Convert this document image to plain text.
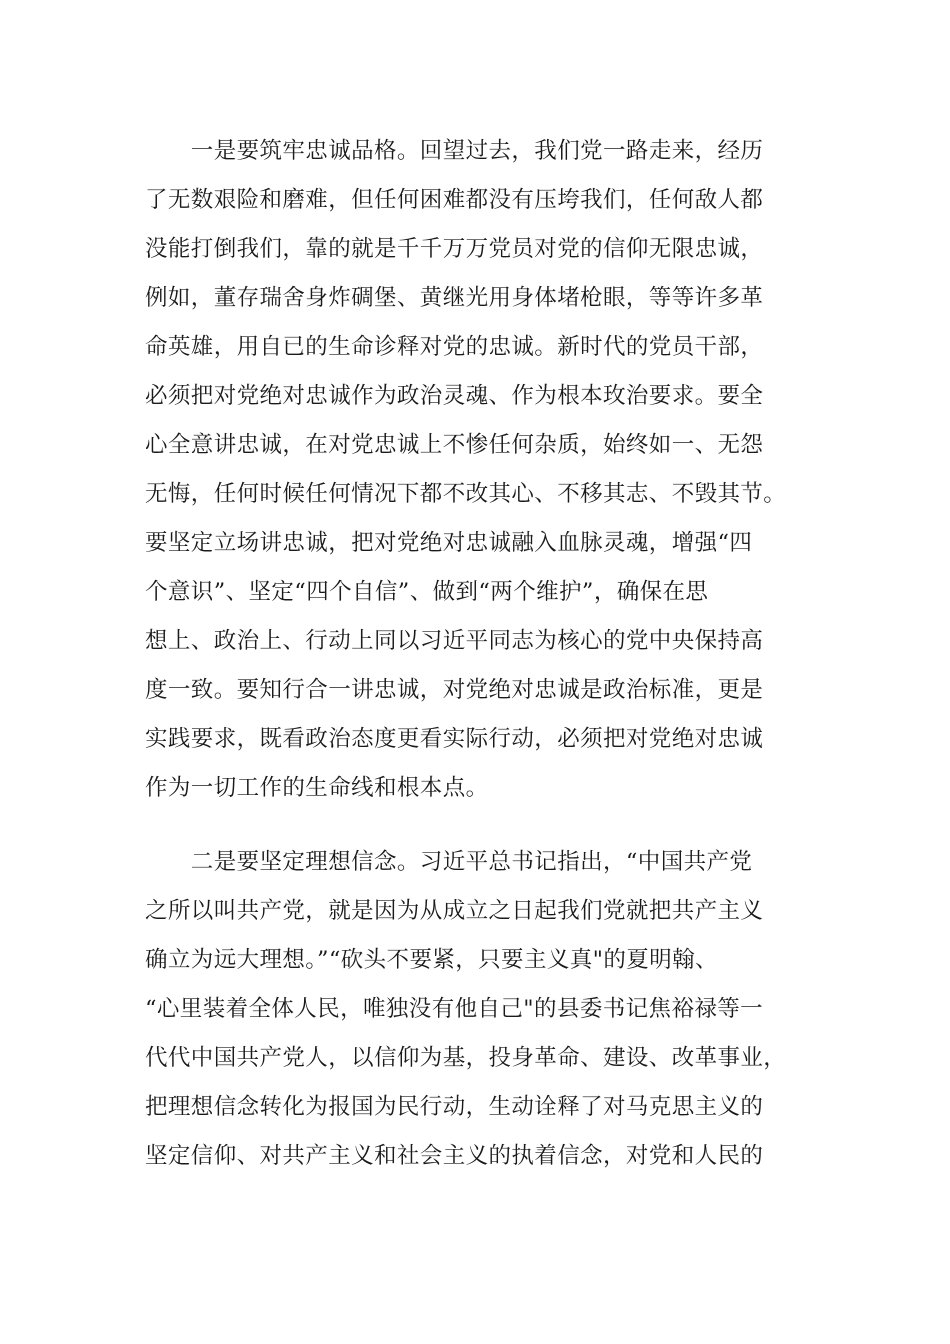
　　一是要筑牢忠诚品格。回望过去，我们党一路走来，经历
了无数艰险和磨难，但任何困难都没有压垮我们，任何敌人都
没能打倒我们，靠的就是千千万万党员对党的信仰无限忠诚，
例如，董存瑞舍身炸碉堡、黄继光用身体堵枪眼，等等许多革
命英雄，用自已的生命诊释对党的忠诚。新时代的党员干部，
必须把对党绝对忠诚作为政治灵魂、作为根本玫治要求。要全
心全意讲忠诚，在对党忠诚上不惨任何杂质，始终如一、无怨
无悔，任何时候任何情况下都不改其心、不移其志、不毁其节。
要坚定立场讲忠诚，把对党绝对忠诚融入血脉灵魂，增强“四
个意识”、坚定“四个自信”、做到“两个维护”，确保在思
想上、政治上、行动上同以习近平同志为核心的党中央保持高
度一致。要知行合一讲忠诚，对党绝对忠诚是政治标准，更是
实践要求，既看政治态度更看实际行动，必须把对党绝对忠诚
作为一切工作的生命线和根本点。
　　二是要坚定理想信念。习近平总书记指出，“中国共产党
之所以叫共产党，就是因为从成立之日起我们党就把共产主义
确立为远大理想。”“砍头不要紧，只要主义真"的夏明翰、
“心里装着全体人民，唯独没有他自己"的县委书记焦裕禄等一
代代中国共产党人，以信仰为基，投身革命、建设、改革事业，
把理想信念转化为报国为民行动，生动诠释了对马克思主义的
坚定信仰、对共产主义和社会主义的执着信念，对党和人民的
